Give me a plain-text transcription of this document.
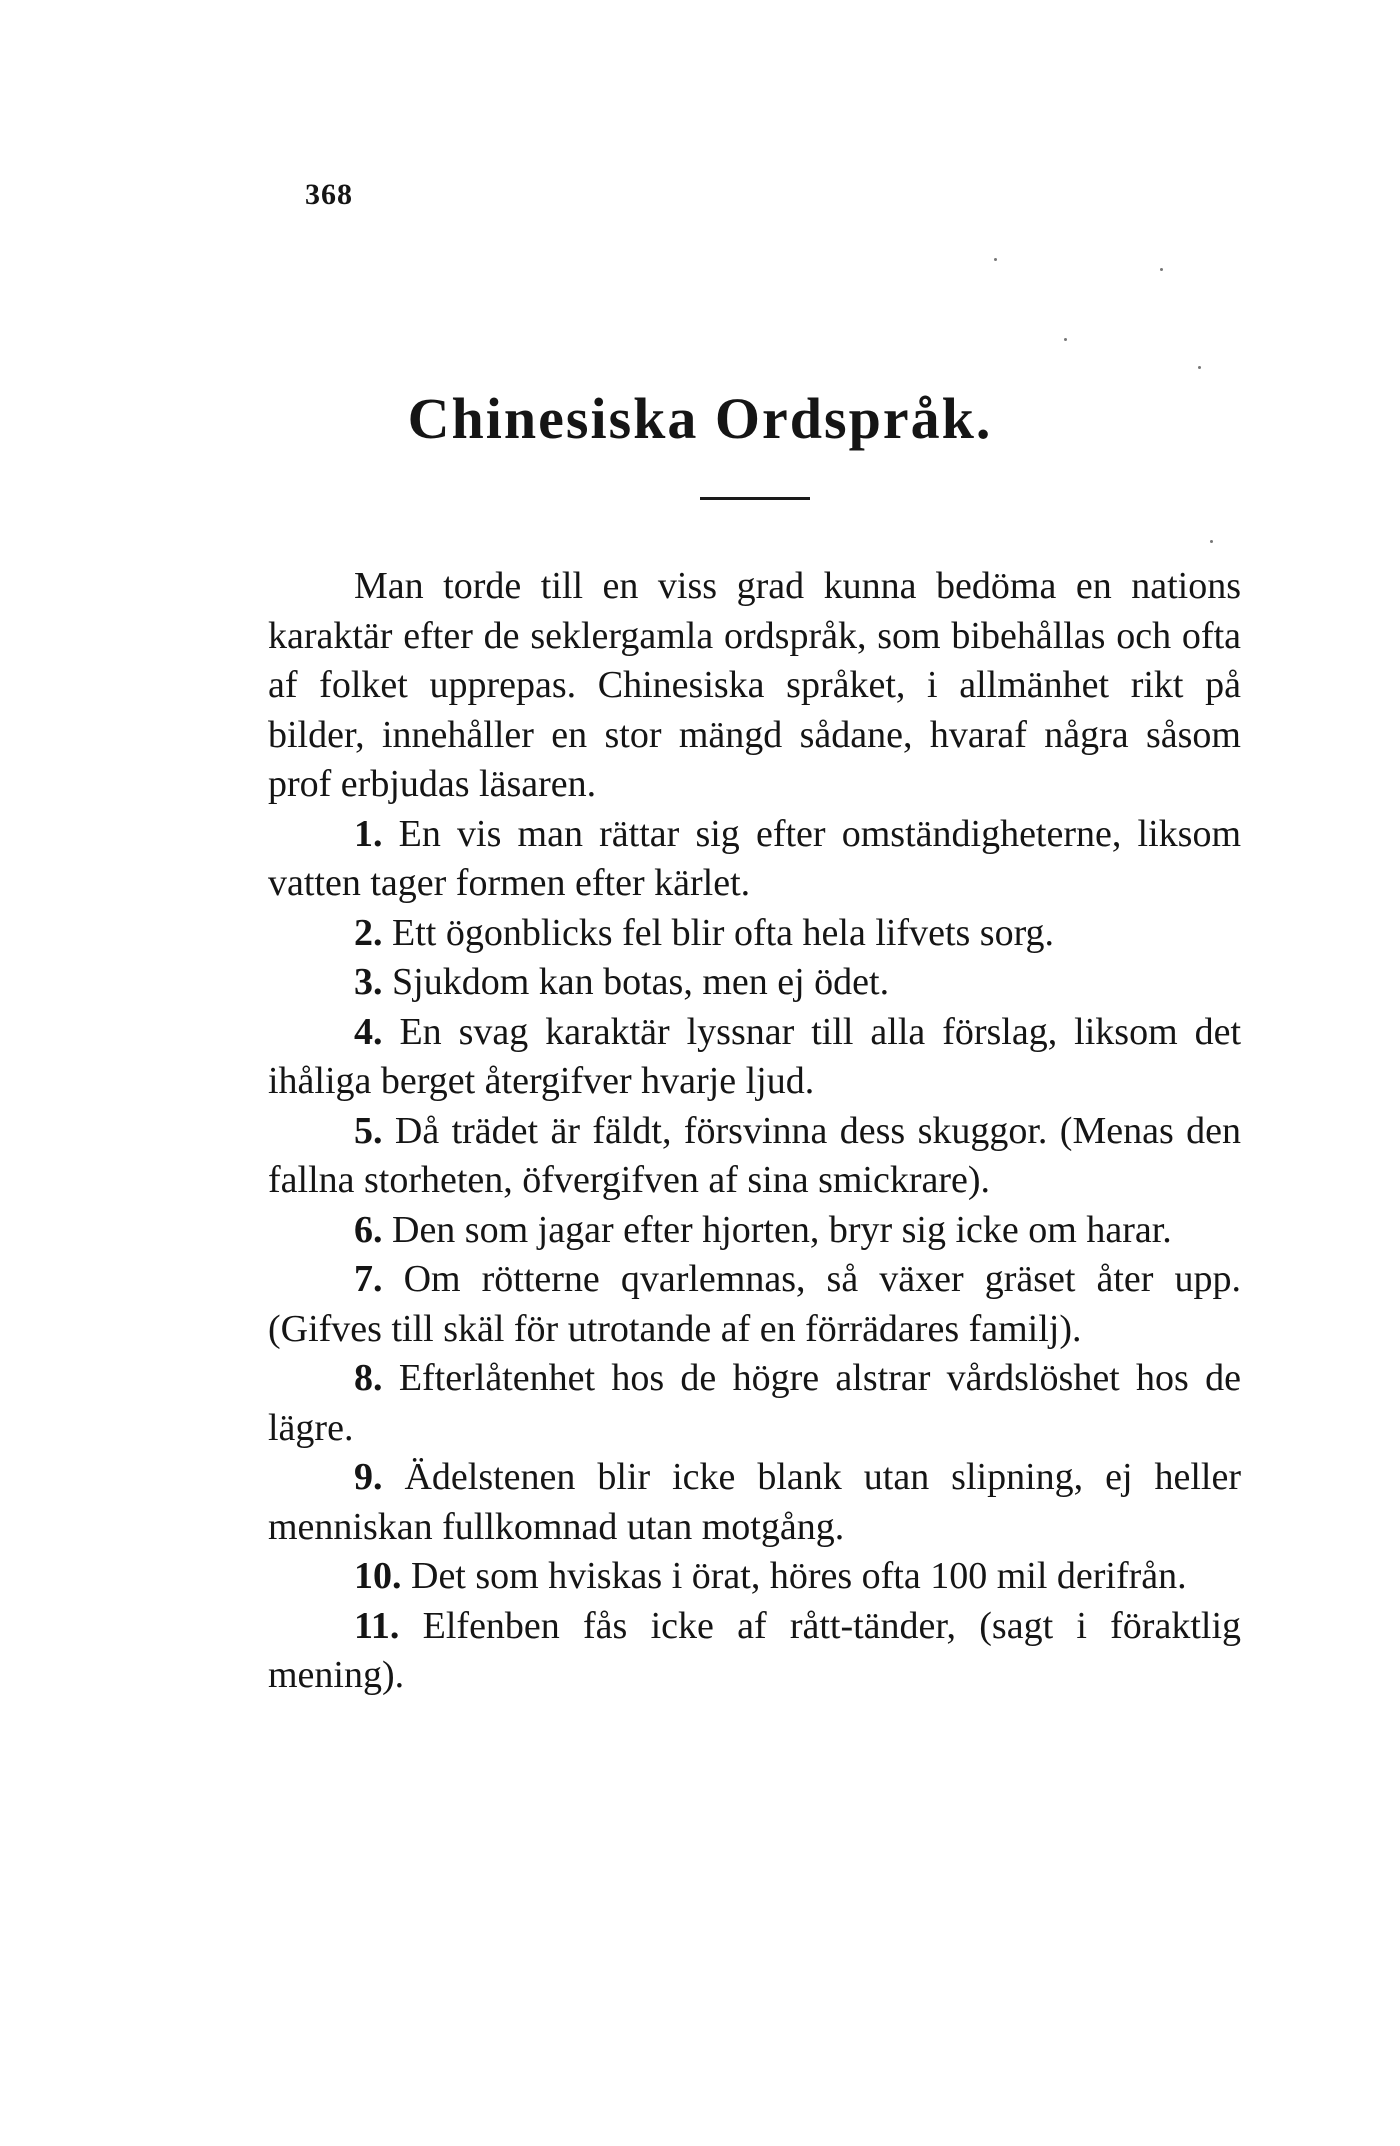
368
Chinesiska Ordspråk.

Man torde till en viss grad kunna bedöma en nations karaktär efter de seklergamla ordspråk, som bibehållas och ofta af folket upprepas. Chinesiska språket, i allmänhet rikt på bilder, innehåller en stor mängd sådane, hvaraf några såsom prof erbjudas läsaren.

1. En vis man rättar sig efter omständigheterne, liksom vatten tager formen efter kärlet.

2. Ett ögonblicks fel blir ofta hela lifvets sorg.

3. Sjukdom kan botas, men ej ödet.

4. En svag karaktär lyssnar till alla förslag, liksom det ihåliga berget återgifver hvarje ljud.

5. Då trädet är fäldt, försvinna dess skuggor. (Menas den fallna storheten, öfvergifven af sina smickrare).

6. Den som jagar efter hjorten, bryr sig icke om harar.

7. Om rötterne qvarlemnas, så växer gräset åter upp. (Gifves till skäl för utrotande af en förrädares familj).

8. Efterlåtenhet hos de högre alstrar vårdslöshet hos de lägre.

9. Ädelstenen blir icke blank utan slipning, ej heller menniskan fullkomnad utan motgång.

10. Det som hviskas i örat, höres ofta 100 mil derifrån.

11. Elfenben fås icke af rått-tänder, (sagt i föraktlig mening).
